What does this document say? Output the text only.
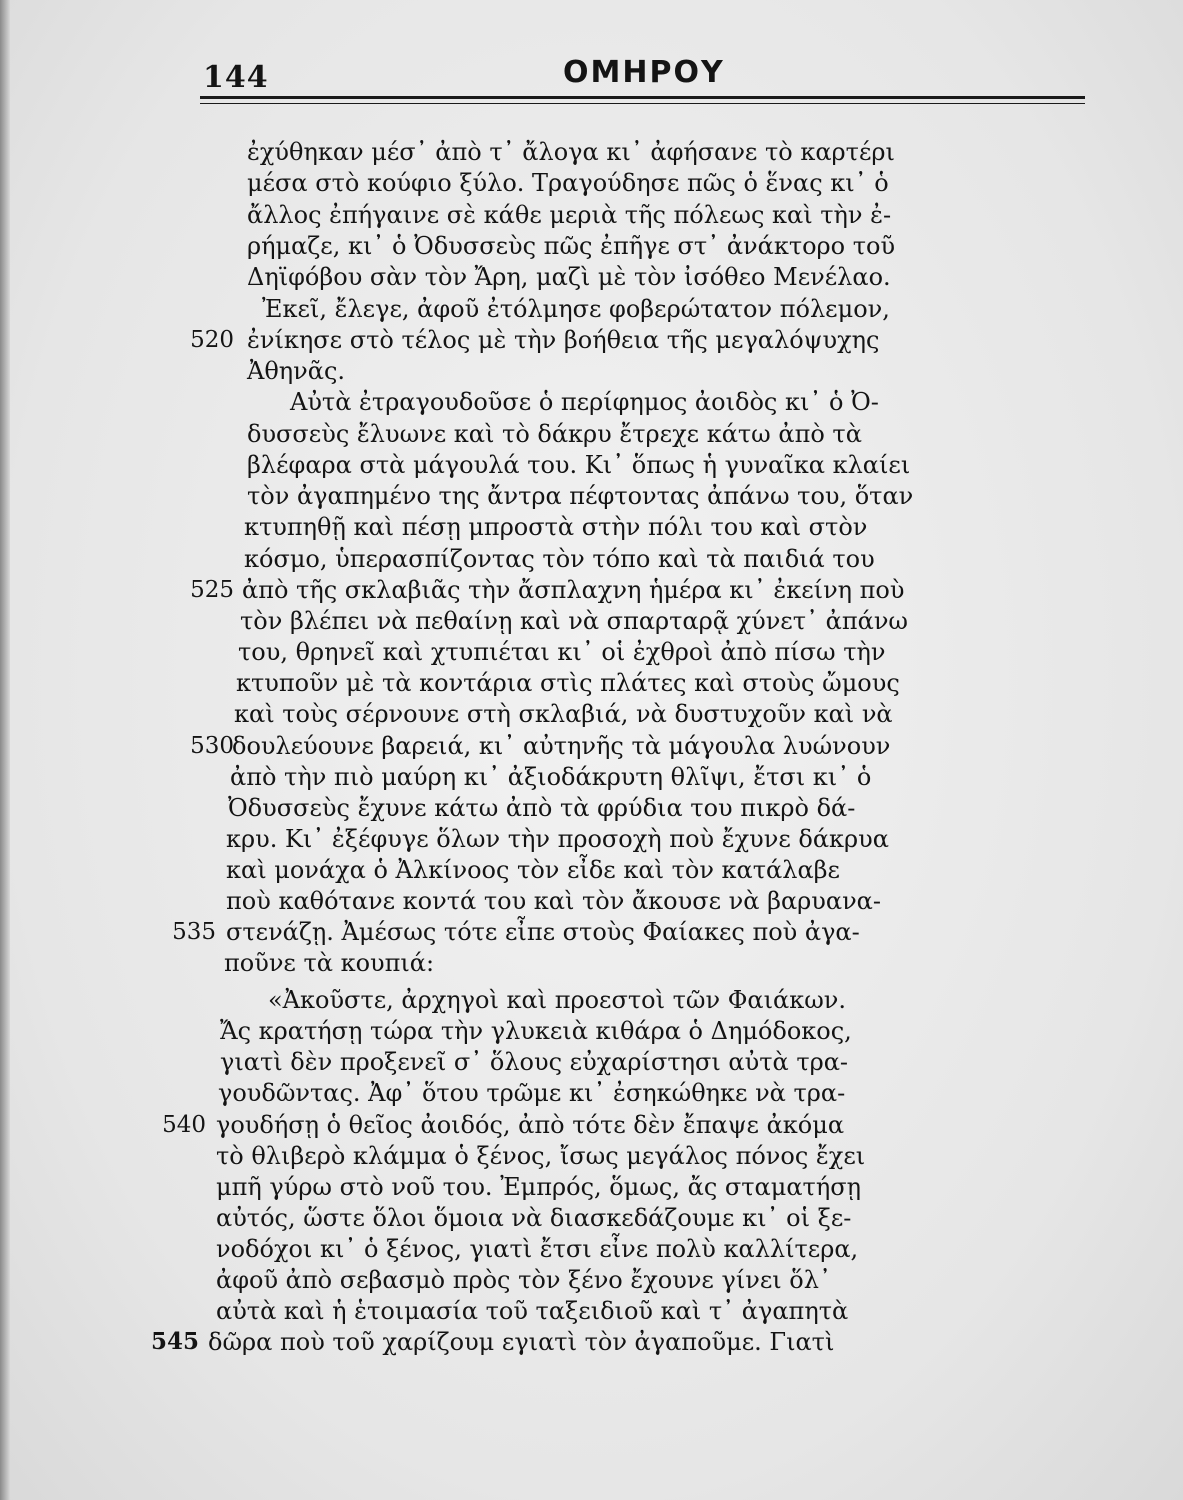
144	ΟΜΗΡΟΥ
ἐχύθηκαν μέσ᾽ ἀπὸ τ᾽ ἄλογα κι᾽ ἀφήσανε τὸ καρτέρι
μέσα στὸ κούφιο ξύλο. Τραγούδησε πῶς ὁ ἕνας κι᾽ ὁ
ἄλλος ἐπήγαινε σὲ κάθε μεριὰ τῆς πόλεως καὶ τὴν ἐ-
ρήμαζε, κι᾽ ὁ Ὀδυσσεὺς πῶς ἐπῆγε στ᾽ ἀνάκτορο τοῦ
Δηϊφόβου σὰν τὸν Ἄρη, μαζὶ μὲ τὸν ἰσόθεο Μενέλαο.
Ἐκεῖ, ἔλεγε, ἀφοῦ ἐτόλμησε φοβερώτατον πόλεμον,
ἐνίκησε στὸ τέλος μὲ τὴν βοήθεια τῆς μεγαλόψυχης
Ἀθηνᾶς.
Αὐτὰ ἐτραγουδοῦσε ὁ περίφημος ἀοιδὸς κι᾽ ὁ Ὀ-
δυσσεὺς ἔλυωνε καὶ τὸ δάκρυ ἔτρεχε κάτω ἀπὸ τὰ
βλέφαρα στὰ μάγουλά του. Κι᾽ ὅπως ἡ γυναῖκα κλαίει
τὸν ἀγαπημένο της ἄντρα πέφτοντας ἀπάνω του, ὅταν
κτυπηθῇ καὶ πέσῃ μπροστὰ στὴν πόλι του καὶ στὸν
κόσμο, ὑπερασπίζοντας τὸν τόπο καὶ τὰ παιδιά του
ἀπὸ τῆς σκλαβιᾶς τὴν ἄσπλαχνη ἡμέρα κι᾽ ἐκείνη ποὺ
τὸν βλέπει νὰ πεθαίνῃ καὶ νὰ σπαρταρᾷ χύνετ᾽ ἀπάνω
του, θρηνεῖ καὶ χτυπιέται κι᾽ οἱ ἐχθροὶ ἀπὸ πίσω τὴν
κτυποῦν μὲ τὰ κοντάρια στὶς πλάτες καὶ στοὺς ὤμους
καὶ τοὺς σέρνουνε στὴ σκλαβιά, νὰ δυστυχοῦν καὶ νὰ
δουλεύουνε βαρειά, κι᾽ αὐτηνῆς τὰ μάγουλα λυώνουν
ἀπὸ τὴν πιὸ μαύρη κι᾽ ἀξιοδάκρυτη θλῖψι, ἔτσι κι᾽ ὁ
Ὀδυσσεὺς ἔχυνε κάτω ἀπὸ τὰ φρύδια του πικρὸ δά-
κρυ. Κι᾽ ἐξέφυγε ὅλων τὴν προσοχὴ ποὺ ἔχυνε δάκρυα
καὶ μονάχα ὁ Ἀλκίνοος τὸν εἶδε καὶ τὸν κατάλαβε
ποὺ καθότανε κοντά του καὶ τὸν ἄκουσε νὰ βαρυανα-
στενάζῃ. Ἀμέσως τότε εἶπε στοὺς Φαίακες ποὺ ἀγα-
ποῦνε τὰ κουπιά:
«Ἀκοῦστε, ἀρχηγοὶ καὶ προεστοὶ τῶν Φαιάκων.
Ἄς κρατήσῃ τώρα τὴν γλυκειὰ κιθάρα ὁ Δημόδοκος,
γιατὶ δὲν προξενεῖ σ᾽ ὅλους εὐχαρίστησι αὐτὰ τρα-
γουδῶντας. Ἀφ᾽ ὅτου τρῶμε κι᾽ ἐσηκώθηκε νὰ τρα-
γουδήσῃ ὁ θεῖος ἀοιδός, ἀπὸ τότε δὲν ἔπαψε ἀκόμα
τὸ θλιβερὸ κλάμμα ὁ ξένος, ἴσως μεγάλος πόνος ἔχει
μπῆ γύρω στὸ νοῦ του. Ἐμπρός, ὅμως, ἄς σταματήσῃ
αὐτός, ὥστε ὅλοι ὅμοια νὰ διασκεδάζουμε κι᾽ οἱ ξε-
νοδόχοι κι᾽ ὁ ξένος, γιατὶ ἔτσι εἶνε πολὺ καλλίτερα,
ἀφοῦ ἀπὸ σεβασμὸ πρὸς τὸν ξένο ἔχουνε γίνει ὅλ᾽
αὐτὰ καὶ ἡ ἑτοιμασία τοῦ ταξειδιοῦ καὶ τ᾽ ἀγαπητὰ
δῶρα ποὺ τοῦ χαρίζουμ εγιατὶ τὸν ἀγαποῦμε. Γιατὶ
520
525
530
535
540
545
